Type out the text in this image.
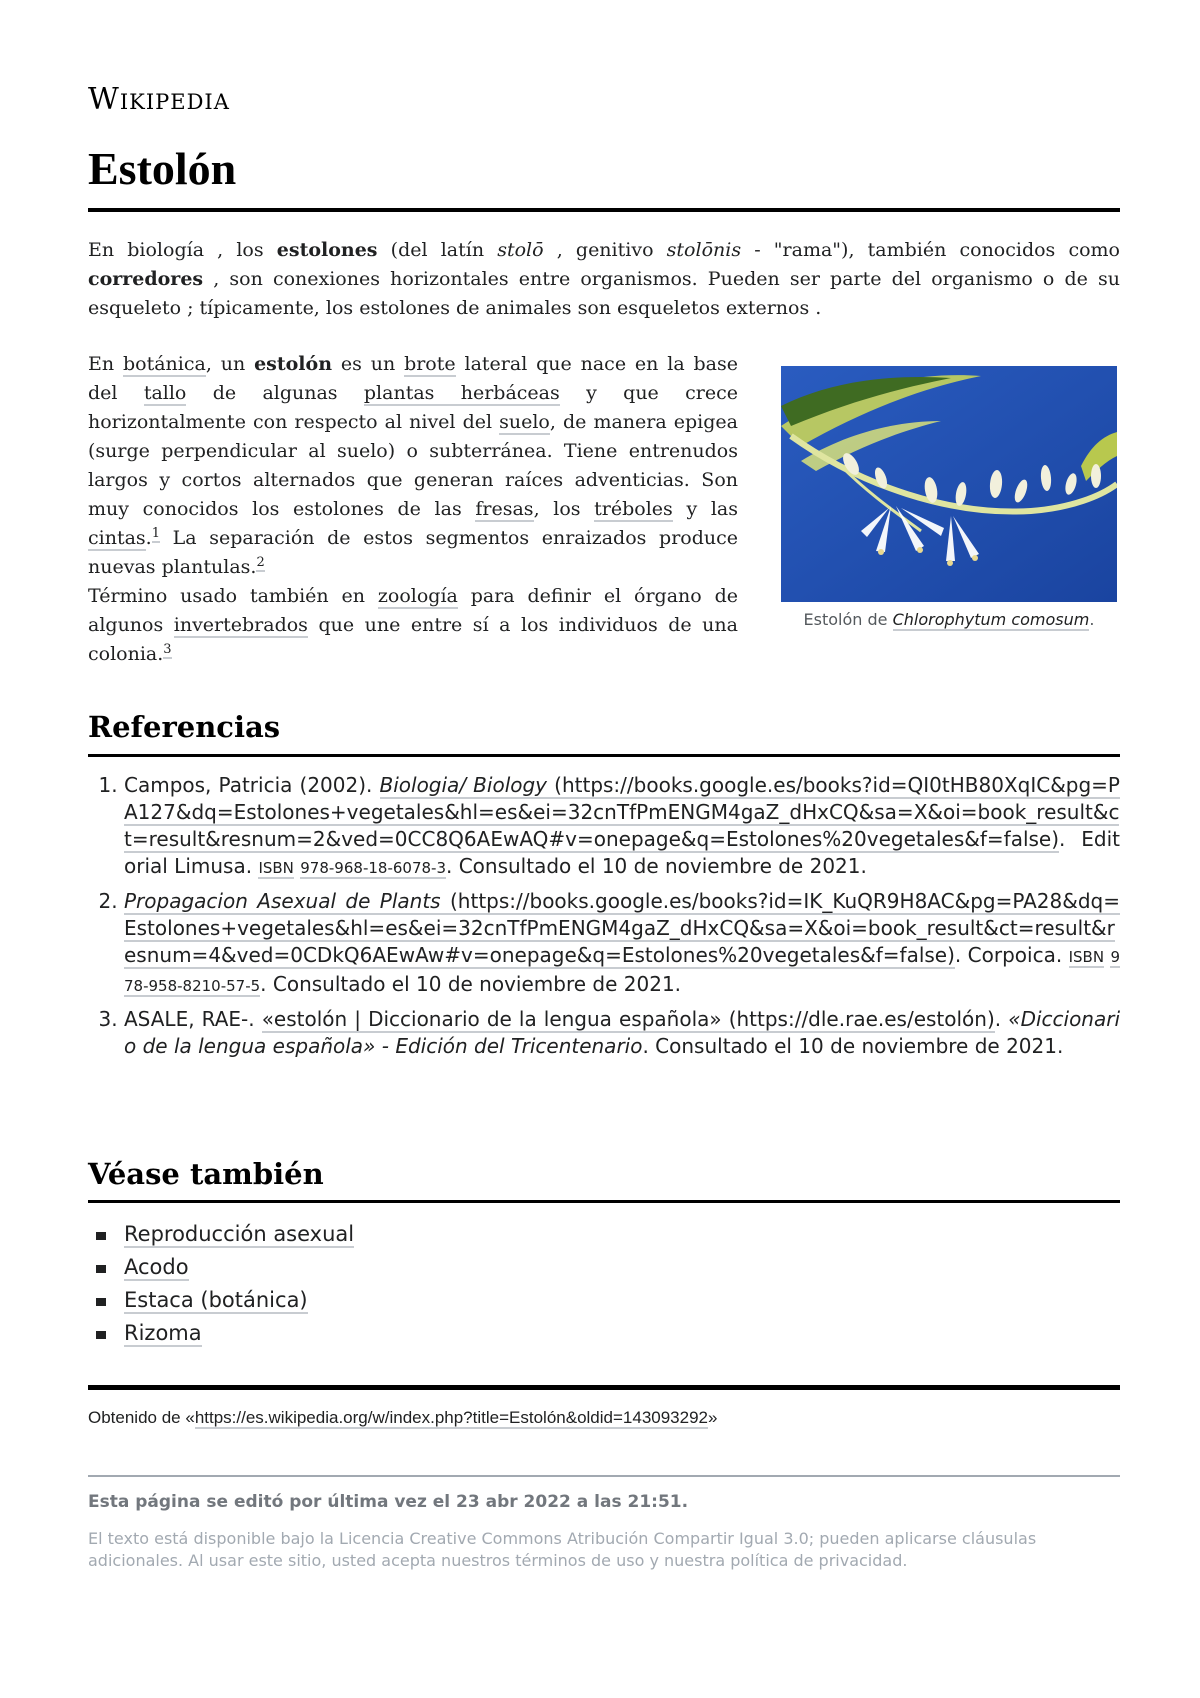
Wikipedia
Estolón

En biología , los estolones (del latín stolō , genitivo stolōnis - "rama"), también conocidos como corredores , son conexiones horizontales entre organismos. Pueden ser parte del organismo o de su esqueleto ; típicamente, los estolones de animales son esqueletos externos .

En botánica, un estolón es un brote lateral que nace en la base del tallo de algunas plantas herbáceas y que crece horizontalmente con respecto al nivel del suelo, de manera epigea (surge perpendicular al suelo) o subterránea. Tiene entrenudos largos y cortos alternados que generan raíces adventicias. Son muy conocidos los estolones de las fresas, los tréboles y las cintas.$^1$ La separación de estos segmentos enraizados produce nuevas plantulas.$^2$

Término usado también en zoología para definir el órgano de algunos invertebrados que une entre sí a los individuos de una colonia.$^3$

Estolón de Chlorophytum comosum.
Referencias
1. Campos, Patricia (2002). Biologia/ Biology (https://books.google.es/books?id=QI0tHB80XqIC&pg=PA127&dq=Estolones+vegetales&hl=es&ei=32cnTfPmENGM4gaZ_dHxCQ&sa=X&oi=book_result&ct=result&resnum=2&ved=0CC8Q6AEwAQ#v=onepage&q=Estolones%20vegetales&f=false). Editorial Limusa. ISBN 978-968-18-6078-3. Consultado el 10 de noviembre de 2021.
2. Propagacion Asexual de Plants (https://books.google.es/books?id=IK_KuQR9H8AC&pg=PA28&dq=Estolones+vegetales&hl=es&ei=32cnTfPmENGM4gaZ_dHxCQ&sa=X&oi=book_result&ct=result&resnum=4&ved=0CDkQ6AEwAw#v=onepage&q=Estolones%20vegetales&f=false). Corpoica. ISBN 978-958-8210-57-5. Consultado el 10 de noviembre de 2021.
3. ASALE, RAE-. «estolón | Diccionario de la lengua española» (https://dle.rae.es/estolón). «Diccionario de la lengua española» - Edición del Tricentenario. Consultado el 10 de noviembre de 2021.
Véase también
Reproducción asexual
Acodo
Estaca (botánica)
Rizoma
Obtenido de «https://es.wikipedia.org/w/index.php?title=Estolón&oldid=143093292»
Esta página se editó por última vez el 23 abr 2022 a las 21:51.
El texto está disponible bajo la Licencia Creative Commons Atribución Compartir Igual 3.0; pueden aplicarse cláusulas adicionales. Al usar este sitio, usted acepta nuestros términos de uso y nuestra política de privacidad.
